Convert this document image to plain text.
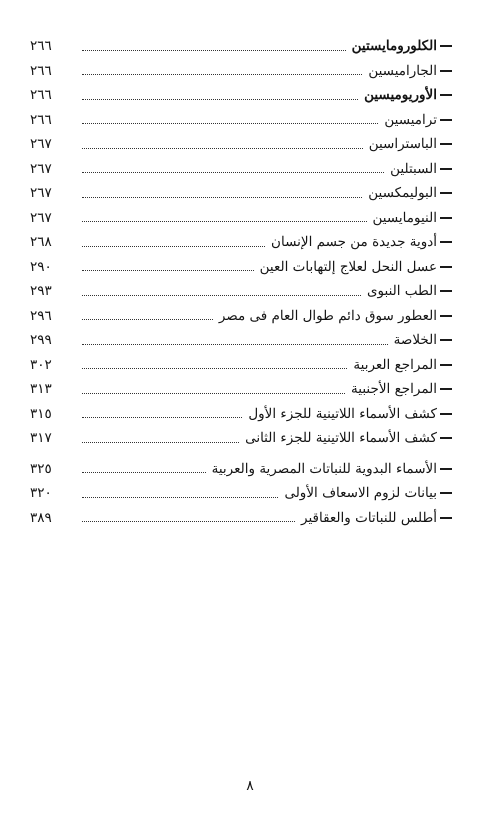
الكلورومايستين
٢٦٦
الجاراميسين
٢٦٦
الأوريوميسين
٢٦٦
تراميسين
٢٦٦
الباستراسين
٢٦٧
السبتلين
٢٦٧
البوليمكسين
٢٦٧
النيومايسين
٢٦٧
أدوية جديدة من جسم الإنسان
٢٦٨
عسل النحل لعلاج إلتهابات العين
٢٩٠
الطب النبوى
٢٩٣
العطور سوق دائم طوال العام فى مصر
٢٩٦
الخلاصة
٢٩٩
المراجع العربية
٣٠٢
المراجع الأجنبية
٣١٣
كشف الأسماء اللاتينية للجزء الأول
٣١٥
كشف الأسماء اللاتينية للجزء الثانى
٣١٧
الأسماء البدوية للنباتات المصرية والعربية
٣٢٥
بيانات لزوم الاسعاف الأولى
٣٢٠
أطلس للنباتات والعقاقير
٣٨٩
٨
